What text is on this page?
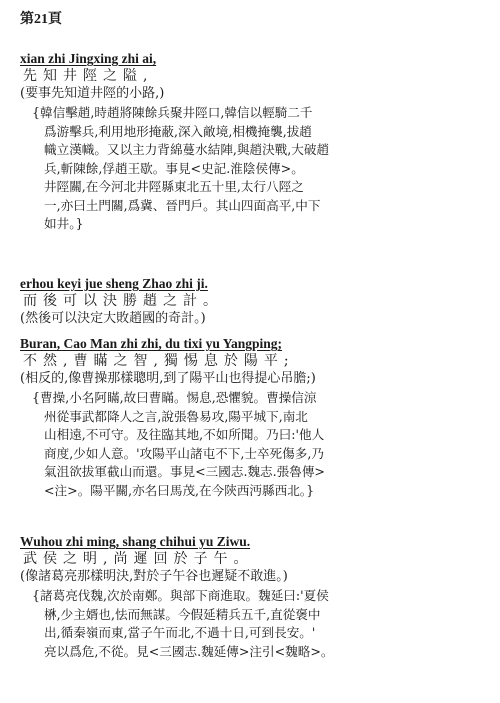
第21頁
xian zhi Jingxing zhi ai,
先知井陘之隘,
(要事先知道井陘的小路,)
{韓信擊趙,時趙將陳餘兵聚井陘口,韓信以輕騎二千
爲游擊兵,利用地形掩蔽,深入敵境,相機掩襲,拔趙
幟立漢幟。又以主力背綿蔓水結陣,與趙決戰,大破趙
兵,斬陳餘,俘趙王歇。事見<史記.淮陰侯傳>。
井陘關,在今河北井陘縣東北五十里,太行八陘之
一,亦曰土門關,爲冀、晉門戶。其山四面高平,中下
如井。}
erhou keyi jue sheng Zhao zhi ji.
而後可以決勝趙之計。
(然後可以決定大敗趙國的奇計。)
Buran, Cao Man zhi zhi, du tixi yu Yangping;
不然,曹瞞之智,獨惕息於陽平;
(相反的,像曹操那樣聰明,到了陽平山也得提心吊膽;)
{曹操,小名阿瞞,故曰曹瞞。惕息,恐懼貌。曹操信涼
州從事武都降人之言,說張魯易攻,陽平城下,南北
山相遠,不可守。及往臨其地,不如所聞。乃曰:'他人
商度,少如人意。'攻陽平山諸屯不下,士卒死傷多,乃
氣沮欲拔軍截山而還。事見<三國志.魏志.張魯傳>
<注>。陽平關,亦名曰馬茂,在今陝西沔縣西北。}
Wuhou zhi ming, shang chihui yu Ziwu.
武侯之明,尚遲回於子午。
(像諸葛亮那樣明決,對於子午谷也遲疑不敢進。)
{諸葛亮伐魏,次於南鄭。與部下商進取。魏延曰:'夏侯
楙,少主婿也,怯而無謀。今假延精兵五千,直從褒中
出,循秦嶺而東,當子午而北,不過十日,可到長安。'
亮以爲危,不從。見<三國志.魏延傳>注引<魏略>。
